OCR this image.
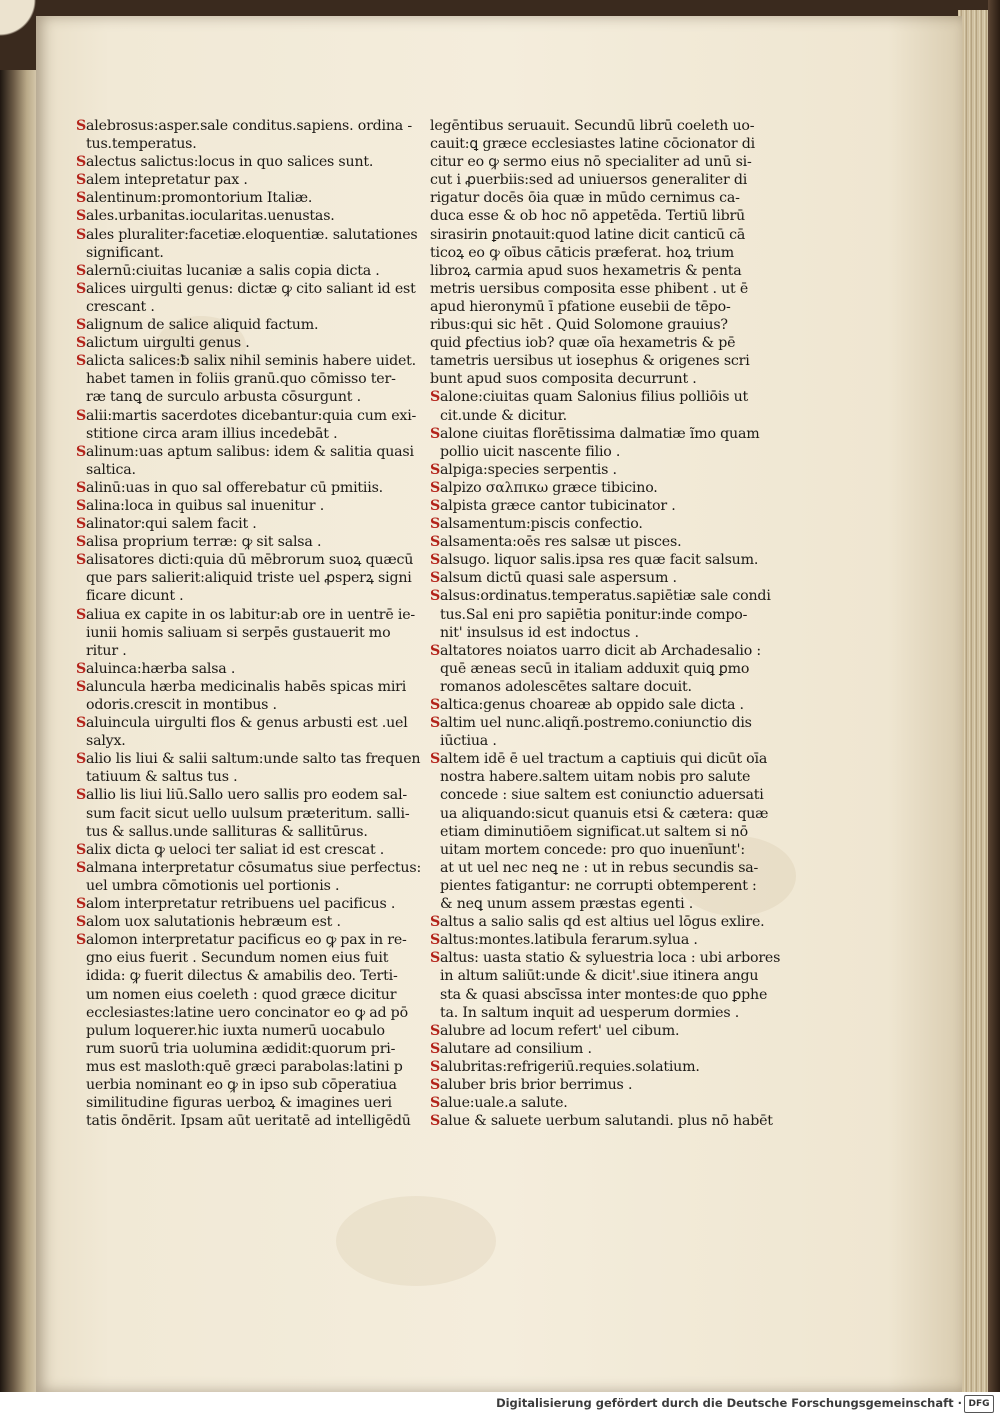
Salebrosus:asper.sale conditus.sapiens. ordina -
tus.temperatus.
Salectus salictus:locus in quo salices sunt.
Salem intepretatur pax .
Salentinum:promontorium Italiæ.
Sales.urbanitas.iocularitas.uenustas.
Sales pluraliter:facetiæ.eloquentiæ. salutationes
significant.
Salernū:ciuitas lucaniæ a salis copia dicta .
Salices uirgulti genus: dictæ ꝙ cito saliant id est
crescant .
Salignum de salice aliquid factum.
Salictum uirgulti genus .
Salicta salices:ƀ salix nihil seminis habere uidet.
habet tamen in foliis granū.quo cōmisso ter-
ræ tanꝗ de surculo arbusta cōsurgunt .
Salii:martis sacerdotes dicebantur:quia cum exi-
stitione circa aram illius incedebāt .
Salinum:uas aptum salibus: idem & salitia quasi
saltica.
Salinū:uas in quo sal offerebatur cū pmitiis.
Salina:loca in quibus sal inuenitur .
Salinator:qui salem facit .
Salisa proprium terræ: ꝙ sit salsa .
Salisatores dicti:quia dū mēbrorum suoꝝ quæcū
que pars salierit:aliquid triste uel ꝓsperꝝ signi
ficare dicunt .
Saliua ex capite in os labitur:ab ore in uentrē ie-
iunii homis saliuam si serpēs gustauerit mo
ritur .
Saluinca:hærba salsa .
Saluncula hærba medicinalis habēs spicas miri
odoris.crescit in montibus .
Saluincula uirgulti flos & genus arbusti est .uel
salyx.
Salio lis liui & salii saltum:unde salto tas frequen
tatiuum & saltus tus .
Sallio lis liui liū.Sallo uero sallis pro eodem sal-
sum facit sicut uello uulsum præteritum. salli-
tus & sallus.unde sallituras & sallitūrus.
Salix dicta ꝙ ueloci ter saliat id est crescat .
Salmana interpretatur cōsumatus siue perfectus:
uel umbra cōmotionis uel portionis .
Salom interpretatur retribuens uel pacificus .
Salom uox salutationis hebræum est .
Salomon interpretatur pacificus eo ꝙ pax in re-
gno eius fuerit . Secundum nomen eius fuit
idida: ꝙ fuerit dilectus & amabilis deo. Terti-
um nomen eius coeleth : quod græce dicitur
ecclesiastes:latine uero concinator eo ꝙ ad pō
pulum loquerer.hic iuxta numerū uocabulo
rum suorū tria uolumina ædidit:quorum pri-
mus est masloth:quē græci parabolas:latini p
uerbia nominant eo ꝙ in ipso sub cōperatiua
similitudine figuras uerboꝝ & imagines ueri
tatis ōndērit. Ipsam aūt ueritatē ad intelligēdū
legēntibus seruauit. Secundū librū coeleth uo-
cauit:ꝗ græce ecclesiastes latine cōcionator di
citur eo ꝙ sermo eius nō specialiter ad unū si-
cut i ꝓuerbiis:sed ad uniuersos generaliter di
rigatur docēs ōia quæ in mūdo cernimus ca-
duca esse & ob hoc nō appetēda. Tertiū librū
sirasirin ꝑnotauit:quod latine dicit canticū cā
ticoꝝ eo ꝙ oībus cāticis præferat. hoꝝ trium
libroꝝ carmia apud suos hexametris & penta
metris uersibus composita esse phibent . ut ē
apud hieronymū ī pfatione eusebii de tēpo-
ribus:qui sic hēt . Quid Solomone grauius?
quid ꝑfectius iob? quæ oīa hexametris & pē
tametris uersibus ut iosephus & origenes scri
bunt apud suos composita decurrunt .
Salone:ciuitas quam Salonius filius polliōis ut
cit.unde & dicitur.
Salone ciuitas florētissima dalmatiæ ĩmo quam
pollio uicit nascente filio .
Salpiga:species serpentis .
Salpizo σαλπικω græce tibicino.
Salpista græce cantor tubicinator .
Salsamentum:piscis confectio.
Salsamenta:oēs res salsæ ut pisces.
Salsugo. liquor salis.ipsa res quæ facit salsum.
Salsum dictū quasi sale aspersum .
Salsus:ordinatus.temperatus.sapiētiæ sale condi
tus.Sal eni pro sapiētia ponitur:inde compo-
nit' insulsus id est indoctus .
Saltatores noiatos uarro dicit ab Archadesalio :
quē æneas secū in italiam adduxit quiꝗ ꝑmo
romanos adolescētes saltare docuit.
Saltica:genus choareæ ab oppido sale dicta .
Saltim uel nunc.aliqñ.postremo.coniunctio dis
iūctiua .
Saltem idē ē uel tractum a captiuis qui dicūt oīa
nostra habere.saltem uitam nobis pro salute
concede : siue saltem est coniunctio aduersati
ua aliquando:sicut quanuis etsi & cætera: quæ
etiam diminutiōem significat.ut saltem si nō
uitam mortem concede: pro quo inuenīunt':
at ut uel nec neꝗ ne : ut in rebus secundis sa-
pientes fatigantur: ne corrupti obtemperent :
& neꝗ unum assem præstas egenti .
Saltus a salio salis qd est altius uel lōgus exlire.
Saltus:montes.latibula ferarum.sylua .
Saltus: uasta statio & syluestria loca : ubi arbores
in altum saliūt:unde & dicit'.siue itinera angu
sta & quasi abscīssa inter montes:de quo ꝑphe
ta. In saltum inquit ad uesperum dormies .
Salubre ad locum refert' uel cibum.
Salutare ad consilium .
Salubritas:refrigeriū.requies.solatium.
Saluber bris brior berrimus .
Salue:uale.a salute.
Salue & saluete uerbum salutandi. plus nō habēt
Digitalisierung gefördert durch die Deutsche Forschungsgemeinschaft · DFG
